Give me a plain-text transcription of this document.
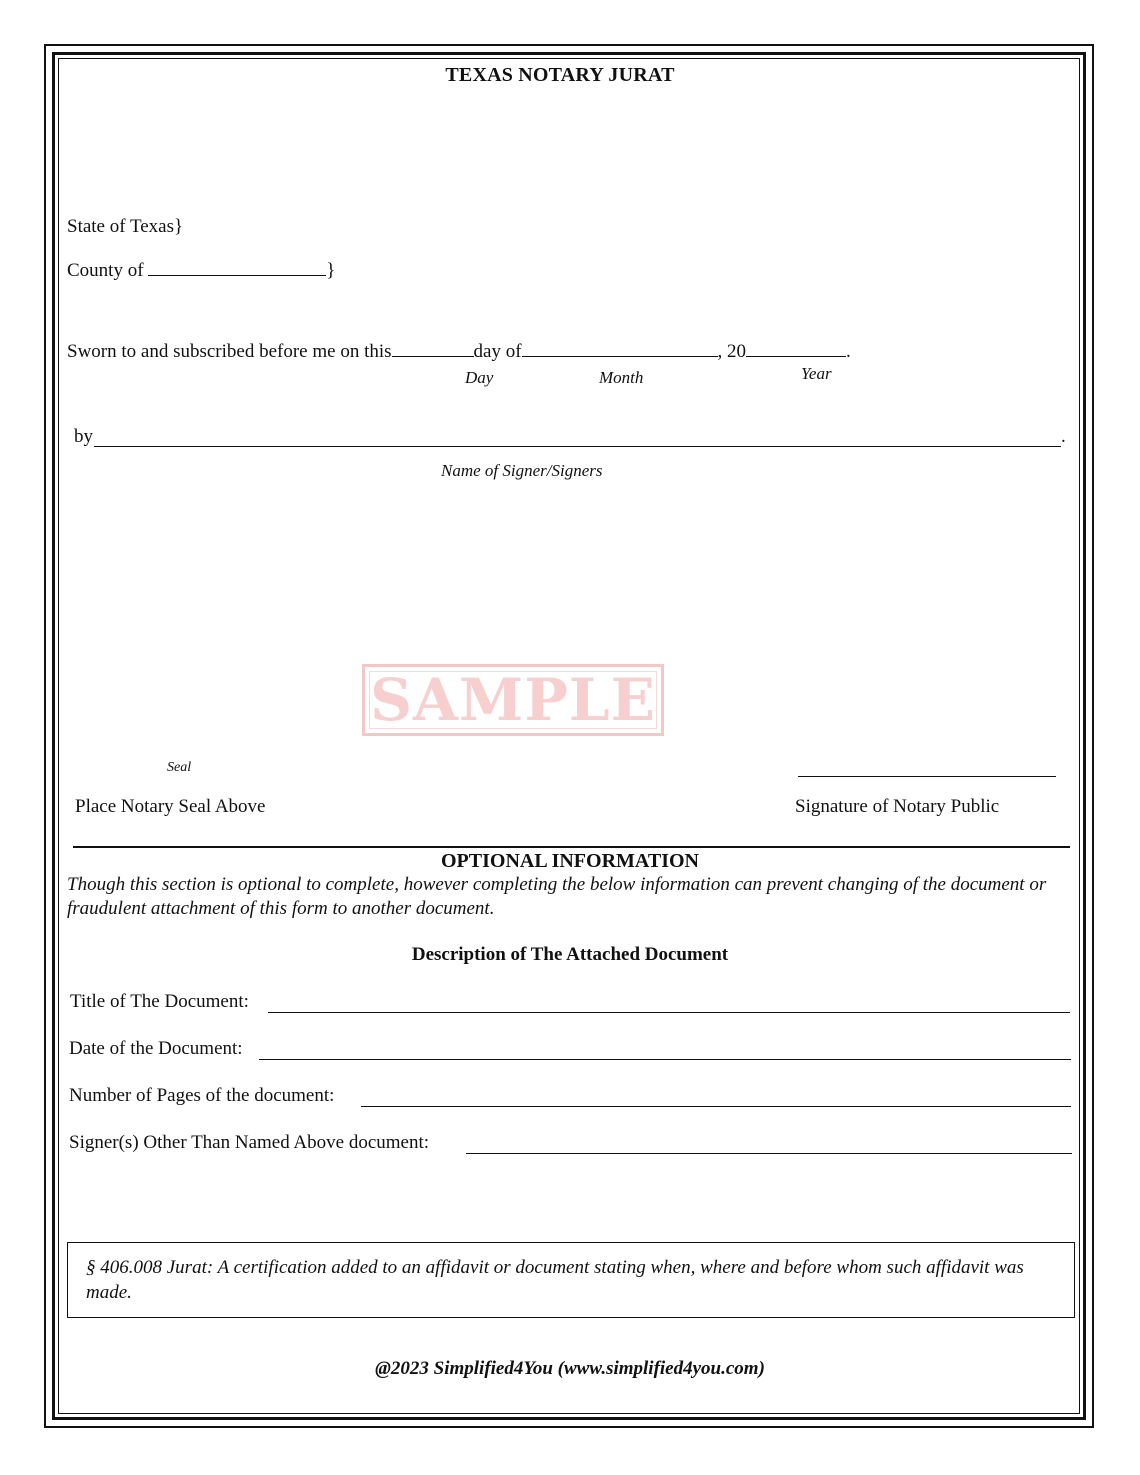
TEXAS NOTARY JURAT
State of Texas}
County of	}
Sworn to and subscribed before me on this	day of	, 20	.
Day	Month	Year
by	.
Name of Signer/Signers
SAMPLE
Seal
Place Notary Seal Above	Signature of Notary Public
OPTIONAL INFORMATION
Though this section is optional to complete, however completing the below information can prevent changing of the document or fraudulent attachment of this form to another document.
Description of The Attached Document
Title of The Document:
Date of the Document:
Number of Pages of the document:
Signer(s) Other Than Named Above document:
§ 406.008 Jurat: A certification added to an affidavit or document stating when, where and before whom such affidavit was made.
@2023 Simplified4You (www.simplified4you.com)
